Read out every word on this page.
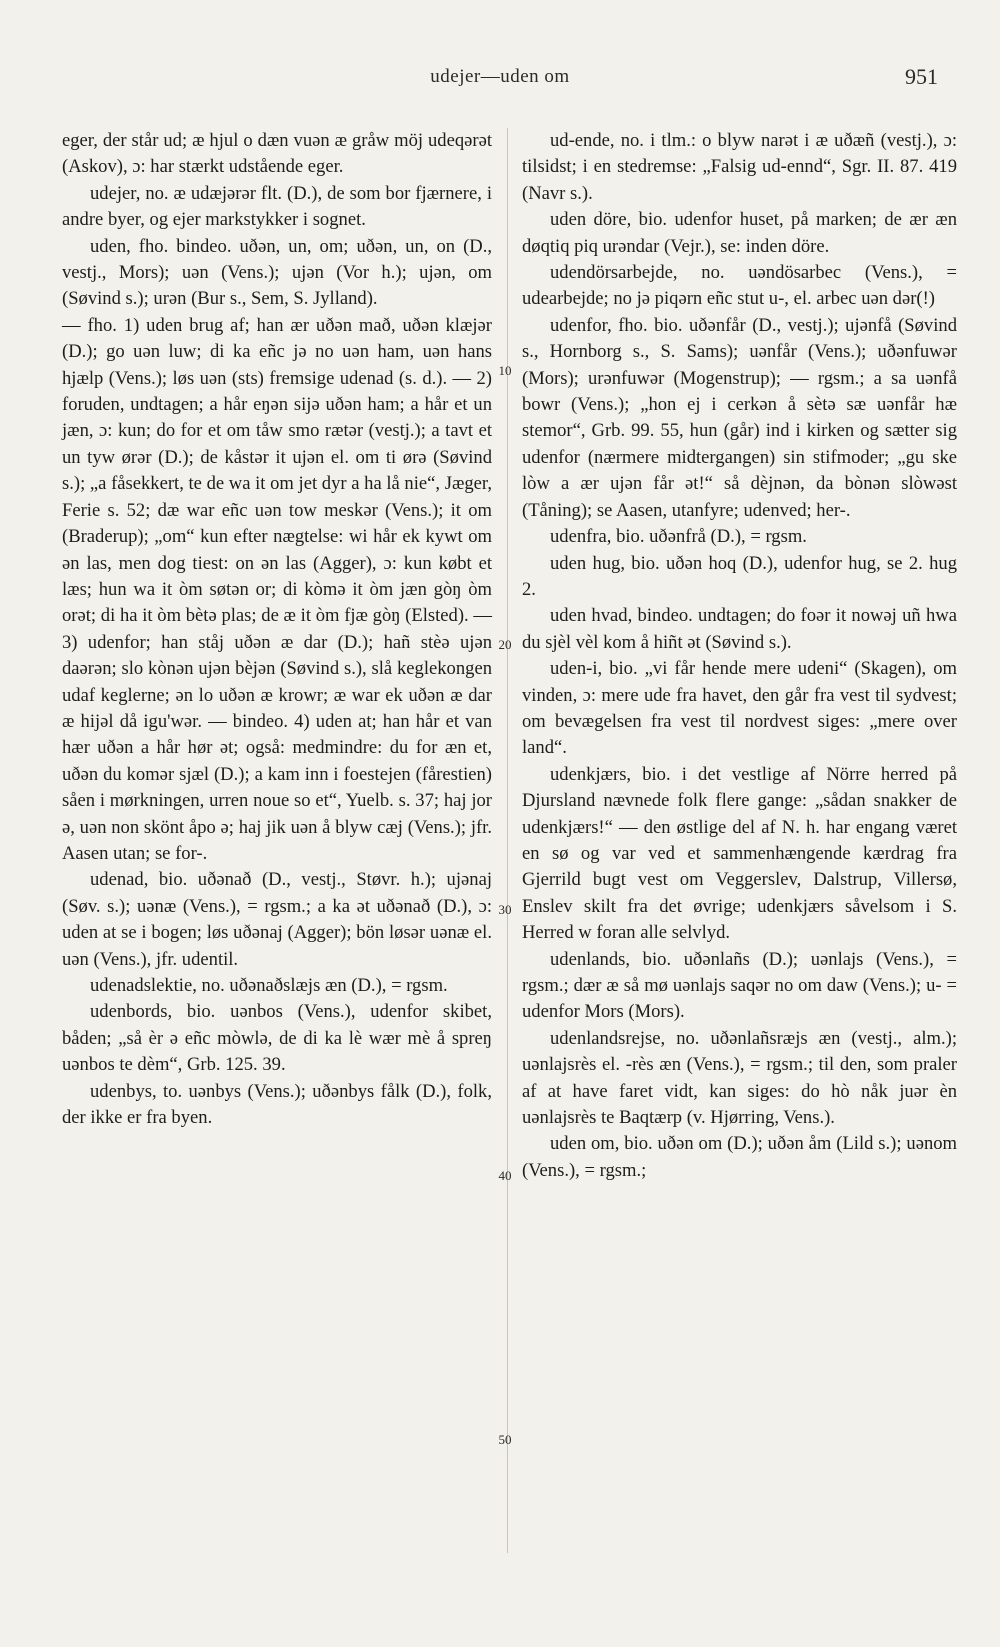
udejer—uden om	951

eger, der står ud; æ hjul o dæn vuən æ gråw möj udeqərət (Askov), ɔ: har stærkt udstående eger.

udejer, no. æ udæjərər flt. (D.), de som bor fjærnere, i andre byer, og ejer markstykker i sognet.

uden, fho. bindeo. uðən, un, om; uðən, un, on (D., vestj., Mors); uən (Vens.); ujən (Vor h.); ujən, om (Søvind s.); urən (Bur s., Sem, S. Jylland).

— fho. 1) uden brug af; han ær uðən mað, uðən klæjər (D.); go uən luw; di ka eñc jə no uən ham, uən hans hjælp (Vens.); løs uən (sts) fremsige udenad (s. d.). — 2) foruden, undtagen; a hår eŋən sijə uðən ham; a hår et un jæn, ɔ: kun; do for et om tåw smo rætər (vestj.); a tavt et un tyw ørər (D.); de kåstər it ujən el. om ti ørə (Søvind s.); „a fåsekkert, te de wa it om jet dyr a ha lå nie“, Jæger, Ferie s. 52; dæ war eñc uən tow meskər (Vens.); it om (Braderup); „om“ kun efter nægtelse: wi hår ek kywt om ən las, men dog tiest: on ən las (Agger), ɔ: kun købt et læs; hun wa it òm søtən or; di kòmə it òm jæn gòŋ òm orət; di ha it òm bètə plas; de æ it òm fjæ gòŋ (Elsted). — 3) udenfor; han ståj uðən æ dar (D.); hañ stèə ujən daərən; slo kònən ujən bèjən (Søvind s.), slå keglekongen udaf keglerne; ən lo uðən æ krowr; æ war ek uðən æ dar æ hijəl då igu'wər. — bindeo. 4) uden at; han hår et van hær uðən a hår hør ət; også: medmindre: du for æn et, uðən du komər sjæl (D.); a kam inn i foestejen (fårestien) såen i mørkningen, urren noue so et“, Yuelb. s. 37; haj jor ə, uən non skönt åpo ə; haj jik uən å blyw cæj (Vens.); jfr. Aasen utan; se for-.

udenad, bio. uðənað (D., vestj., Støvr. h.); ujənaj (Søv. s.); uənæ (Vens.), = rgsm.; a ka ət uðənað (D.), ɔ: uden at se i bogen; løs uðənaj (Agger); bön løsər uənæ el. uən (Vens.), jfr. udentil.

udenadslektie, no. uðənaðslæjs æn (D.), = rgsm.

udenbords, bio. uənbos (Vens.), udenfor skibet, båden; „så èr ə eñc mòwlə, de di ka lè wær mè å spreŋ uənbos te dèm“, Grb. 125. 39.

udenbys, to. uənbys (Vens.); uðənbys fålk (D.), folk, der ikke er fra byen.

10
20
30
40
50

ud-ende, no. i tlm.: o blyw narət i æ uðæñ (vestj.), ɔ: tilsidst; i en stedremse: „Falsig ud-ennd“, Sgr. II. 87. 419 (Navr s.).

uden döre, bio. udenfor huset, på marken; de ær æn døqtiq piq urəndar (Vejr.), se: inden döre.

udendörsarbejde, no. uəndösarbec (Vens.), = udearbejde; no jə piqərn eñc stut u-, el. arbec uən dər(!)

udenfor, fho. bio. uðənfår (D., vestj.); ujənfå (Søvind s., Hornborg s., S. Sams); uənfår (Vens.); uðənfuwər (Mors); urənfuwər (Mogenstrup); — rgsm.; a sa uənfå bowr (Vens.); „hon ej i cerkən å sètə sæ uənfår hæ stemor“, Grb. 99. 55, hun (går) ind i kirken og sætter sig udenfor (nærmere midtergangen) sin stifmoder; „gu ske lòw a ær ujən får ət!“ så dèjnən, da bònən slòwəst (Tåning); se Aasen, utanfyre; udenved; her-.

udenfra, bio. uðənfrå (D.), = rgsm.

uden hug, bio. uðən hoq (D.), udenfor hug, se 2. hug 2.

uden hvad, bindeo. undtagen; do foər it nowəj uñ hwa du sjèl vèl kom å hiñt ət (Søvind s.).

uden-i, bio. „vi får hende mere udeni“ (Skagen), om vinden, ɔ: mere ude fra havet, den går fra vest til sydvest; om bevægelsen fra vest til nordvest siges: „mere over land“.

udenkjærs, bio. i det vestlige af Nörre herred på Djursland nævnede folk flere gange: „sådan snakker de udenkjærs!“ — den østlige del af N. h. har engang været en sø og var ved et sammenhængende kærdrag fra Gjerrild bugt vest om Veggerslev, Dalstrup, Villersø, Enslev skilt fra det øvrige; udenkjærs såvelsom i S. Herred w foran alle selvlyd.

udenlands, bio. uðənlañs (D.); uənlajs (Vens.), = rgsm.; dær æ så mø uənlajs saqər no om daw (Vens.); u- = udenfor Mors (Mors).

udenlandsrejse, no. uðənlañsræjs æn (vestj., alm.); uənlajsrès el. -rès æn (Vens.), = rgsm.; til den, som praler af at have faret vidt, kan siges: do hò nåk juər èn uənlajsrès te Baqtærp (v. Hjørring, Vens.).

uden om, bio. uðən om (D.); uðən åm (Lild s.); uənom (Vens.), = rgsm.;
